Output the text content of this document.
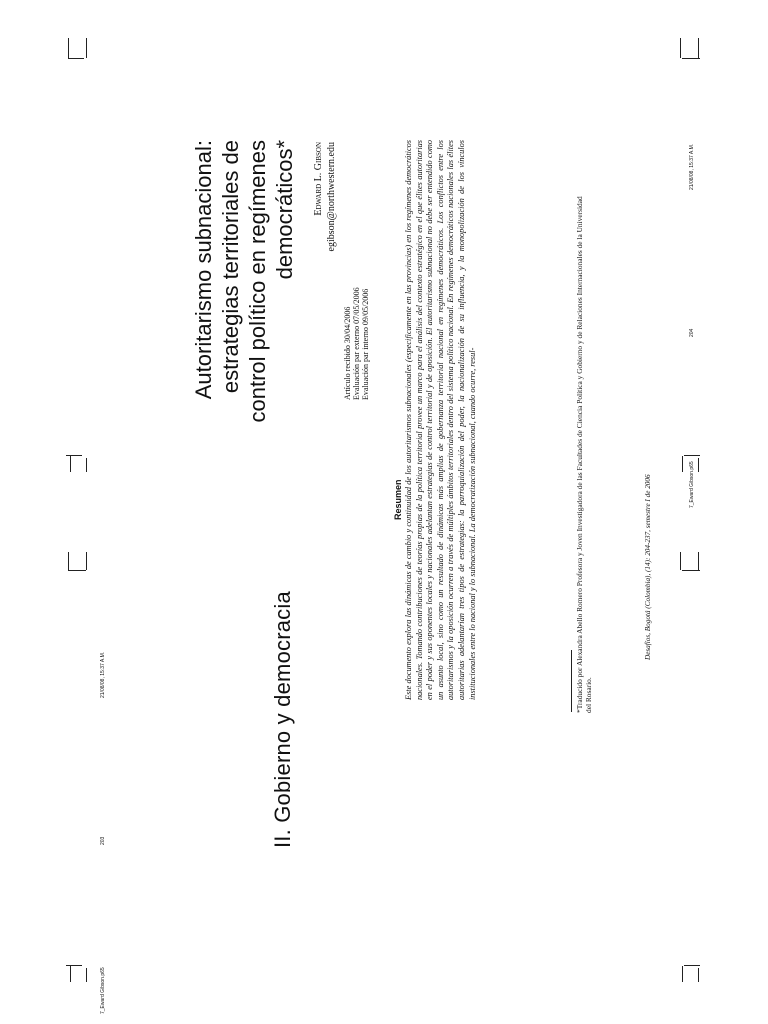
II. Gobierno y democracia
203
7_Eward Gibson.p65
21/08/08, 15:37 A.M.
Autoritarismo subnacional: estrategias territoriales de control político en regímenes democráticos* Edward L. Gibson egibson@northwestern.edu
Artículo recibido 30/04/2006 Evaluación par externo 07/05/2006 Evaluación par interno 09/05/2006
Resumen Este documento explora las dinámicas de cambio y continuidad de los autoritarismos subnacionales (especificamente en las provincias) en los regímenes democráticos nacionales. Tomando contribuciones de teorías propias de la política territorial provee un marco para el análisis del contexto estratégico en el que élites autoritarias en el poder y sus oponentes locales y nacionales adelantan estrategias de control territorial y de oposición. El autoritarismo subnacional no debe ser entendido como un asunto local, sino como un resultado de dinámicas más amplias de gobernanza territorial nacional en regímenes democráticos. Los conflictos entre los autoritarismos y la oposición ocurren a través de múltiples ámbitos territoriales dentro del sistema político nacional. En regímenes democráticos nacionales las élites autoritarias adelantarían tres tipos de estrategias: la parroquialización del poder, la nacionalización de su influencia, y la monopolización de los vínculos institucionales entre lo nacional y lo subnacional. La democratización subnacional, cuando ocurre, resul-	*Traducido por Alexandra Abello Romero Profesora y Joven Investigadora de las Facultades de Ciencia Política y Gobierno y de Relaciones Internacionales de la Universidad del Rosario.
Desafíos, Bogotá (Colombia), (14): 204-237, semestre I de 2006
204
7_Eward Gibson.p65
21/08/08, 15:37 A.M.
